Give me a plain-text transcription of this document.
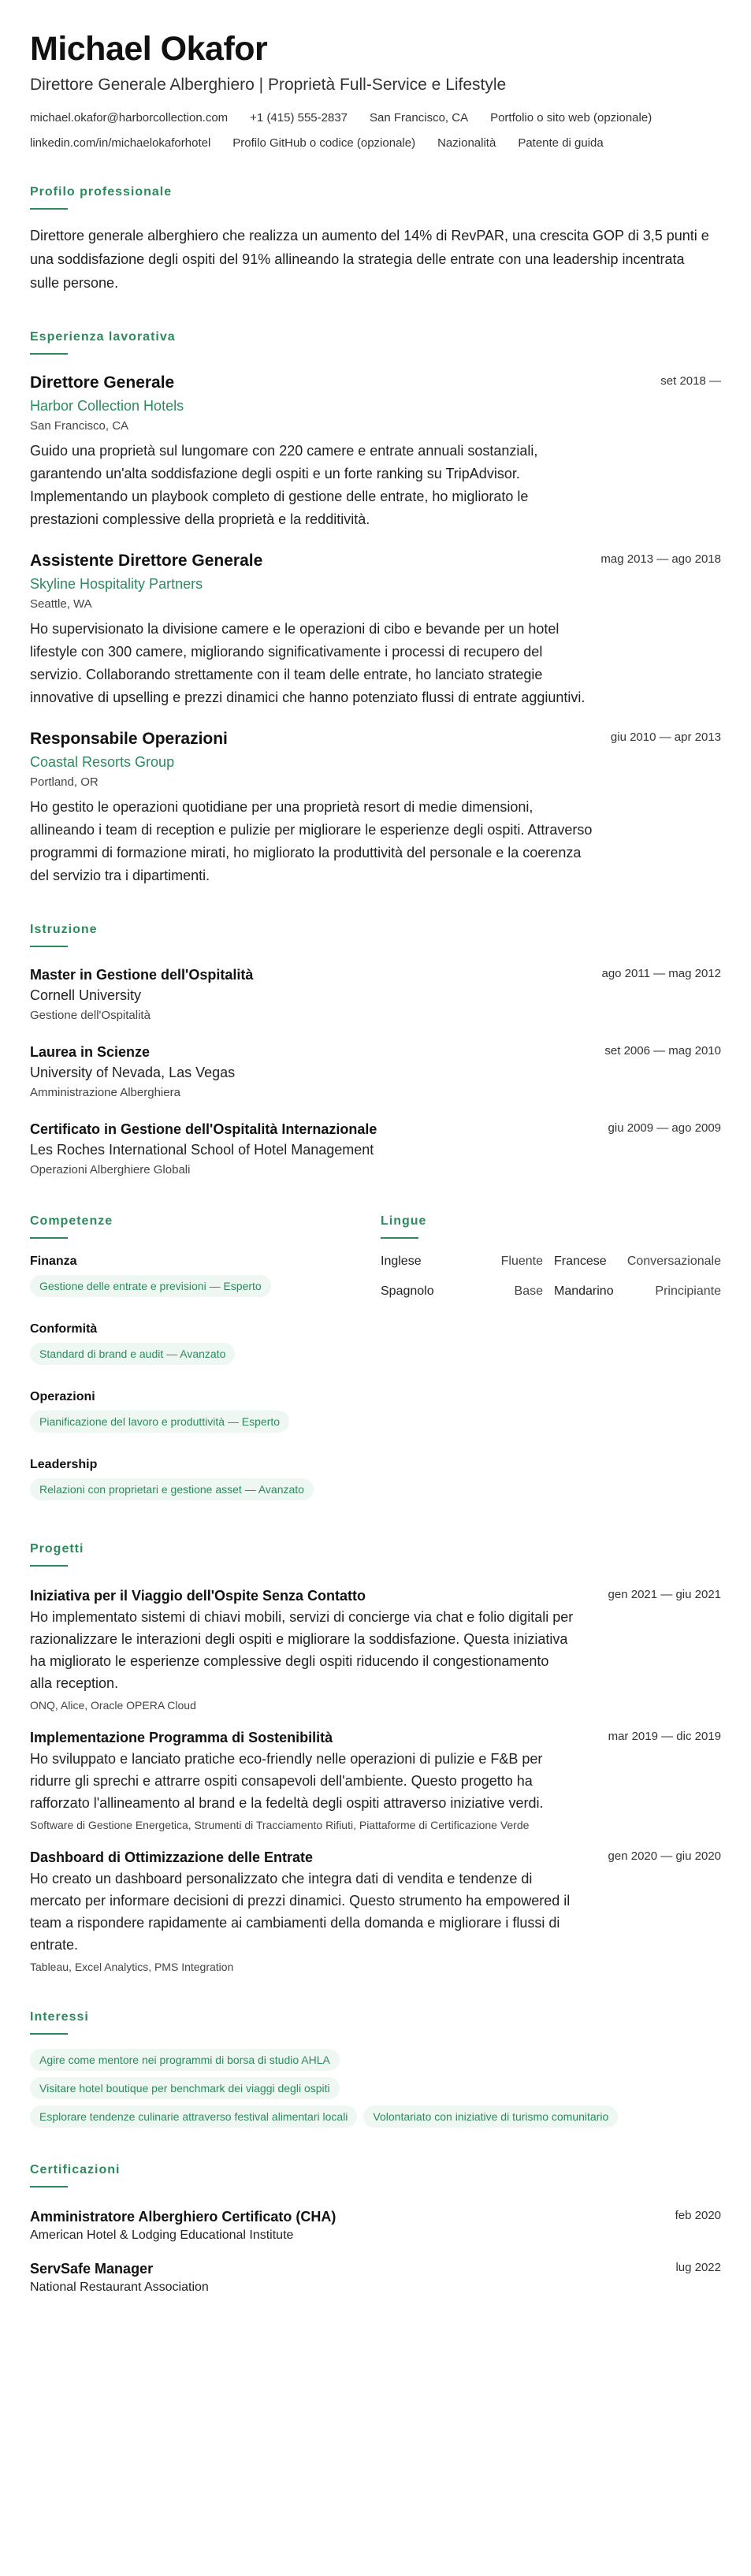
Michael Okafor
Direttore Generale Alberghiero | Proprietà Full-Service e Lifestyle
michael.okafor@harborcollection.com +1 (415) 555-2837 San Francisco, CA Portfolio o sito web (opzionale)
linkedin.com/in/michaelokaforhotel Profilo GitHub o codice (opzionale) Nazionalità Patente di guida
Profilo professionale

Direttore generale alberghiero che realizza un aumento del 14% di RevPAR, una crescita GOP di 3,5 punti e una soddisfazione degli ospiti del 91% allineando la strategia delle entrate con una leadership incentrata sulle persone.

Esperienza lavorativa
Direttore Generale	set 2018 —
Harbor Collection Hotels
San Francisco, CA

Guido una proprietà sul lungomare con 220 camere e entrate annuali sostanziali, garantendo un'alta soddisfazione degli ospiti e un forte ranking su TripAdvisor. Implementando un playbook completo di gestione delle entrate, ho migliorato le prestazioni complessive della proprietà e la redditività.

Assistente Direttore Generale	mag 2013 — ago 2018
Skyline Hospitality Partners
Seattle, WA

Ho supervisionato la divisione camere e le operazioni di cibo e bevande per un hotel lifestyle con 300 camere, migliorando significativamente i processi di recupero del servizio. Collaborando strettamente con il team delle entrate, ho lanciato strategie innovative di upselling e prezzi dinamici che hanno potenziato flussi di entrate aggiuntivi.

Responsabile Operazioni	giu 2010 — apr 2013
Coastal Resorts Group
Portland, OR

Ho gestito le operazioni quotidiane per una proprietà resort di medie dimensioni, allineando i team di reception e pulizie per migliorare le esperienze degli ospiti. Attraverso programmi di formazione mirati, ho migliorato la produttività del personale e la coerenza del servizio tra i dipartimenti.

Istruzione
Master in Gestione dell'Ospitalità	ago 2011 — mag 2012
Cornell University
Gestione dell'Ospitalità
Laurea in Scienze	set 2006 — mag 2010
University of Nevada, Las Vegas
Amministrazione Alberghiera
Certificato in Gestione dell'Ospitalità Internazionale	giu 2009 — ago 2009
Les Roches International School of Hotel Management
Operazioni Alberghiere Globali
Competenze
Finanza
Gestione delle entrate e previsioni — Esperto
Conformità
Standard di brand e audit — Avanzato
Operazioni
Pianificazione del lavoro e produttività — Esperto
Leadership
Relazioni con proprietari e gestione asset — Avanzato
Lingue
Inglese	Fluente Francese	Conversazionale
Spagnolo	Base Mandarino	Principiante
Progetti
Iniziativa per il Viaggio dell'Ospite Senza Contatto	gen 2021 — giu 2021

Ho implementato sistemi di chiavi mobili, servizi di concierge via chat e folio digitali per razionalizzare le interazioni degli ospiti e migliorare la soddisfazione. Questa iniziativa ha migliorato le esperienze complessive degli ospiti riducendo il congestionamento alla reception.

ONQ, Alice, Oracle OPERA Cloud
Implementazione Programma di Sostenibilità	mar 2019 — dic 2019

Ho sviluppato e lanciato pratiche eco-friendly nelle operazioni di pulizie e F&B per ridurre gli sprechi e attrarre ospiti consapevoli dell'ambiente. Questo progetto ha rafforzato l'allineamento al brand e la fedeltà degli ospiti attraverso iniziative verdi.

Software di Gestione Energetica, Strumenti di Tracciamento Rifiuti, Piattaforme di Certificazione Verde
Dashboard di Ottimizzazione delle Entrate	gen 2020 — giu 2020

Ho creato un dashboard personalizzato che integra dati di vendita e tendenze di mercato per informare decisioni di prezzi dinamici. Questo strumento ha empowered il team a rispondere rapidamente ai cambiamenti della domanda e migliorare i flussi di entrate.

Tableau, Excel Analytics, PMS Integration
Interessi
Agire come mentore nei programmi di borsa di studio AHLA
Visitare hotel boutique per benchmark dei viaggi degli ospiti
Esplorare tendenze culinarie attraverso festival alimentari locali	Volontariato con iniziative di turismo comunitario
Certificazioni
Amministratore Alberghiero Certificato (CHA)	feb 2020
American Hotel & Lodging Educational Institute
ServSafe Manager	lug 2022
National Restaurant Association
